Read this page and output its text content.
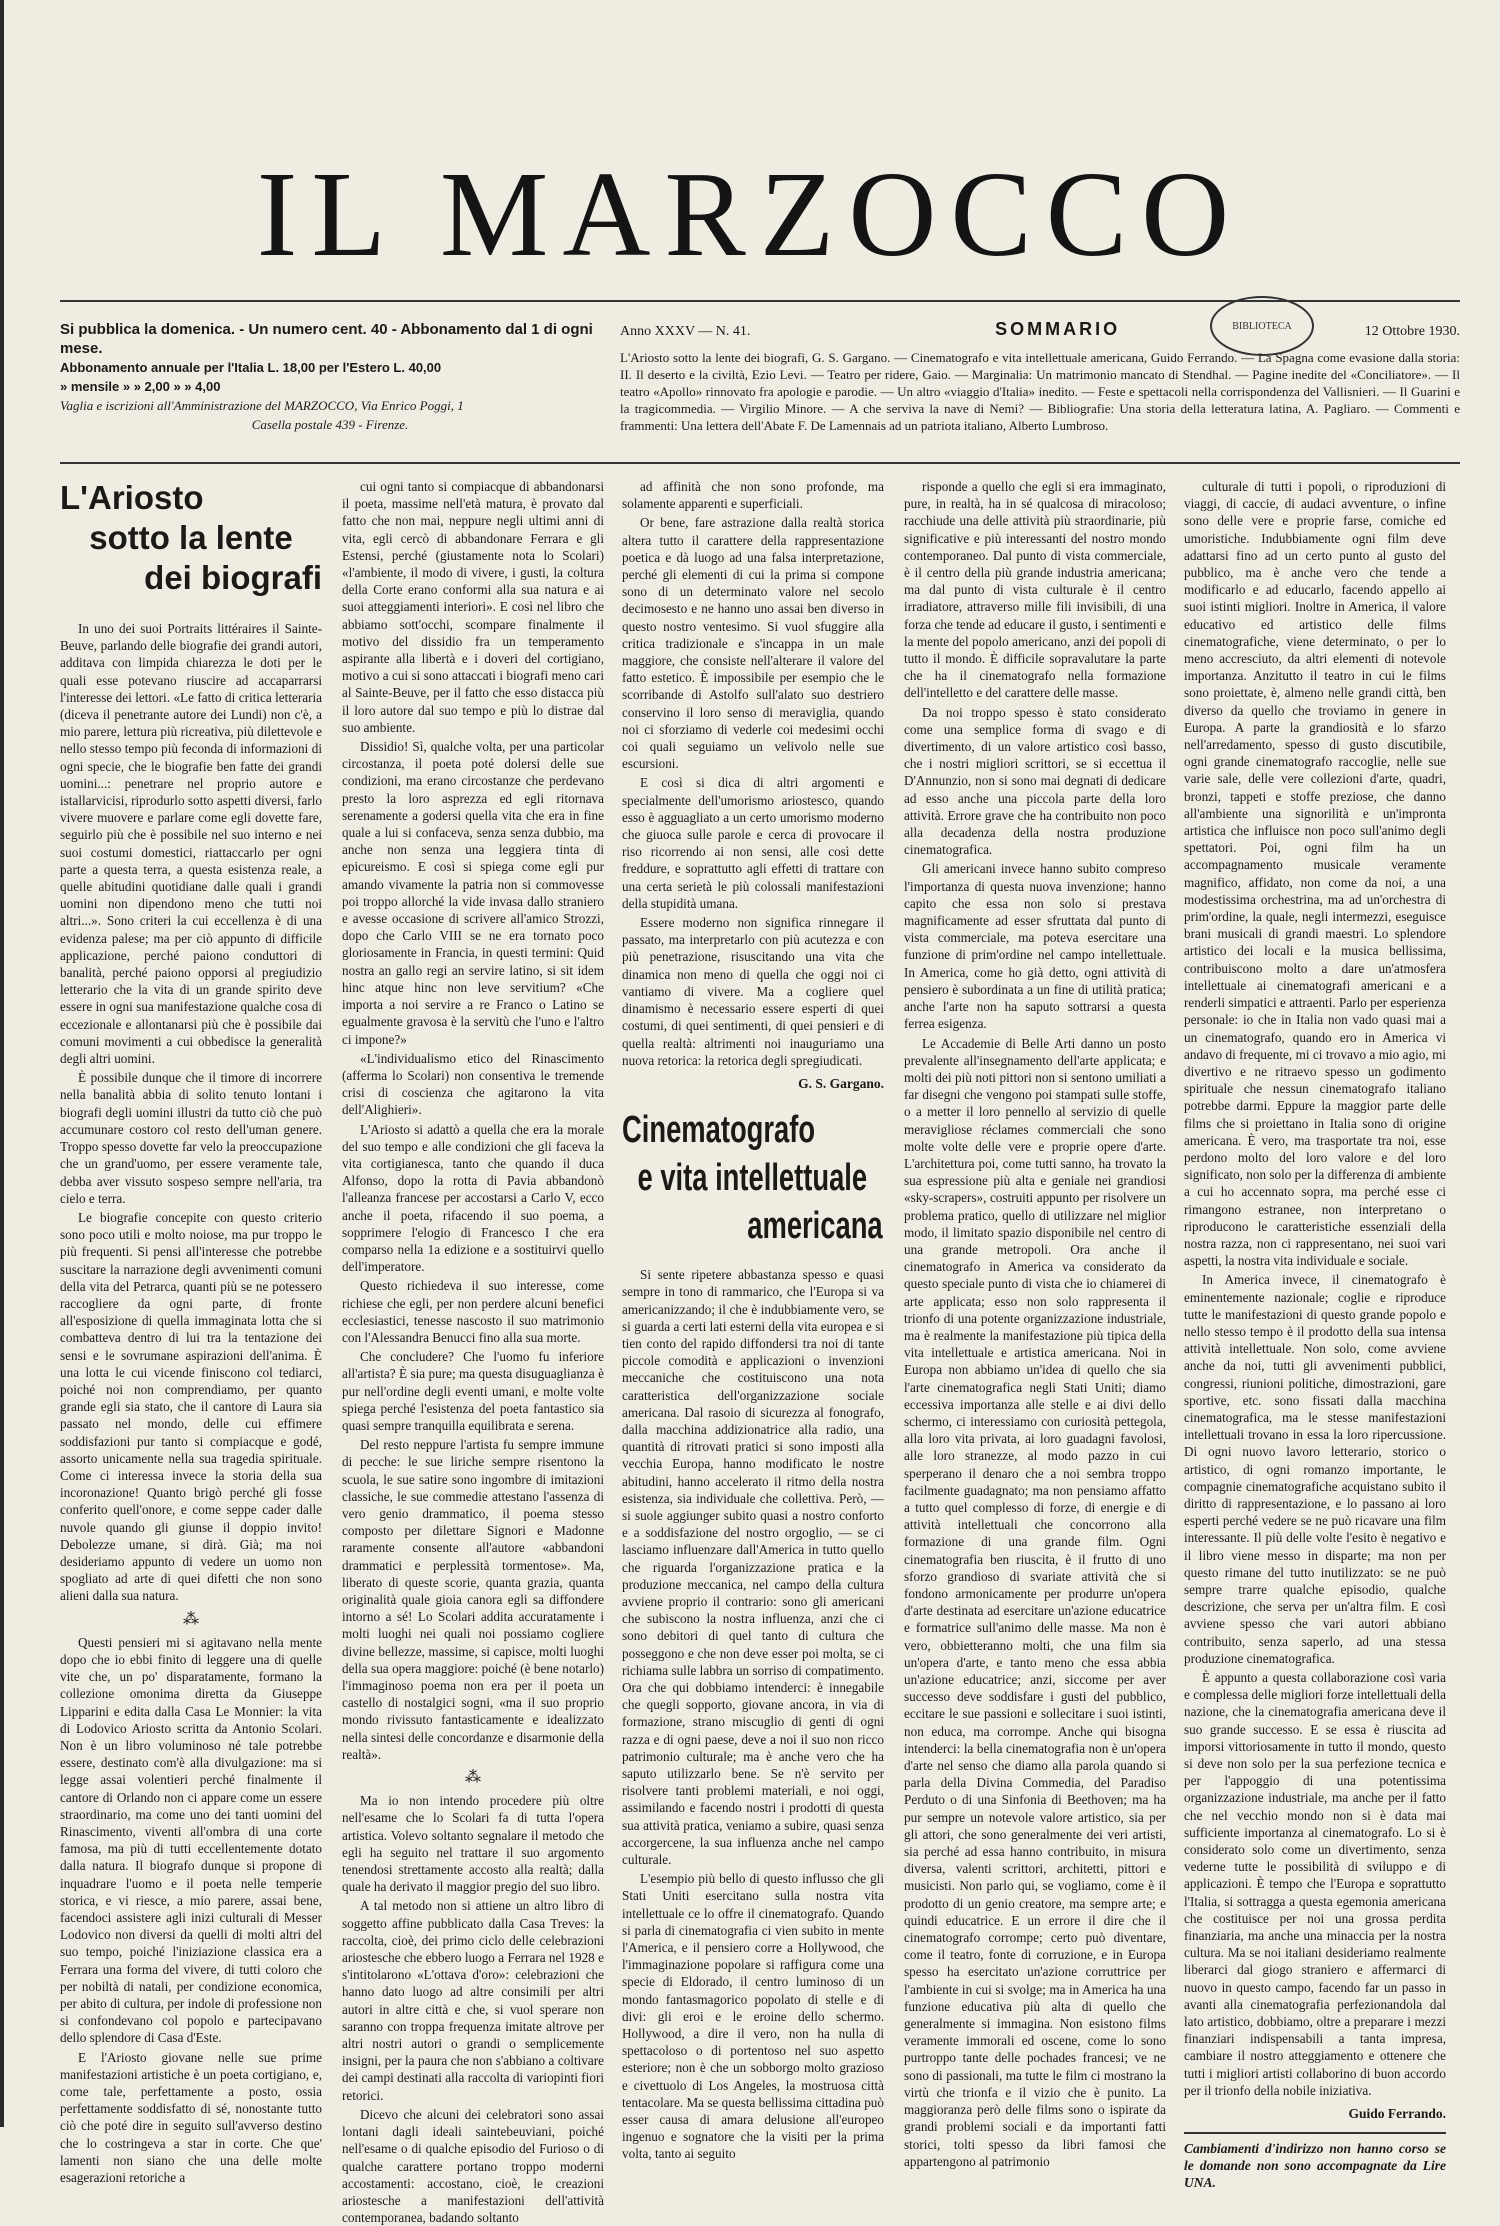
IL MARZOCCO
Si pubblica la domenica. - Un numero cent. 40 - Abbonamento dal 1 di ogni mese.
Abbonamento annuale per l'Italia L. 18,00 per l'Estero L. 40,00
» mensile » » 2,00 » » 4,00
Vaglia e iscrizioni all'Amministrazione del MARZOCCO, Via Enrico Poggi, 1
Casella postale 439 - Firenze.
Anno XXXV — N. 41.	SOMMARIO	12 Ottobre 1930.
L'Ariosto sotto la lente dei biografi, G. S. Gargano. — Cinematografo e vita intellettuale americana, Guido Ferrando. — La Spagna come evasione dalla storia: II. Il deserto e la civiltà, Ezio Levi. — Teatro per ridere, Gaio. — Marginalia: Un matrimonio mancato di Stendhal. — Pagine inedite del «Conciliatore». — Il teatro «Apollo» rinnovato fra apologie e parodie. — Un altro «viaggio d'Italia» inedito. — Feste e spettacoli nella corrispondenza del Vallisnieri. — Il Guarini e la tragicommedia. — Virgilio Minore. — A che serviva la nave di Nemi? — Bibliografie: Una storia della letteratura latina, A. Pagliaro. — Commenti e frammenti: Una lettera dell'Abate F. De Lamennais ad un patriota italiano, Alberto Lumbroso.
BIBLIOTECA
L'Ariosto
sotto la lente
dei biografi

In uno dei suoi Portraits littéraires il Sainte-Beuve, parlando delle biografie dei grandi autori, additava con limpida chiarezza le doti per le quali esse potevano riuscire ad accaparrarsi l'interesse dei lettori. «Le fatto di critica letteraria (diceva il penetrante autore dei Lundi) non c'è, a mio parere, lettura più ricreativa, più dilettevole e nello stesso tempo più feconda di informazioni di ogni specie, che le biografie ben fatte dei grandi uomini...: penetrare nel proprio autore e istallarvicisi, riprodurlo sotto aspetti diversi, farlo vivere muovere e parlare come egli dovette fare, seguirlo più che è possibile nel suo interno e nei suoi costumi domestici, riattaccarlo per ogni parte a questa terra, a questa esistenza reale, a quelle abitudini quotidiane dalle quali i grandi uomini non dipendono meno che tutti noi altri...». Sono criteri la cui eccellenza è di una evidenza palese; ma per ciò appunto di difficile applicazione, perché paiono conduttori di banalità, perché paiono opporsi al pregiudizio letterario che la vita di un grande spirito deve essere in ogni sua manifestazione qualche cosa di eccezionale e allontanarsi più che è possibile dai comuni movimenti a cui obbedisce la generalità degli altri uomini.

È possibile dunque che il timore di incorrere nella banalità abbia di solito tenuto lontani i biografi degli uomini illustri da tutto ciò che può accumunare costoro col resto dell'uman genere. Troppo spesso dovette far velo la preoccupazione che un grand'uomo, per essere veramente tale, debba aver vissuto sospeso sempre nell'aria, tra cielo e terra.

Le biografie concepite con questo criterio sono poco utili e molto noiose, ma pur troppo le più frequenti. Si pensi all'interesse che potrebbe suscitare la narrazione degli avvenimenti comuni della vita del Petrarca, quanti più se ne potessero raccogliere da ogni parte, di fronte all'esposizione di quella immaginata lotta che si combatteva dentro di lui tra la tentazione dei sensi e le sovrumane aspirazioni dell'anima. È una lotta le cui vicende finiscono col tediarci, poiché noi non comprendiamo, per quanto grande egli sia stato, che il cantore di Laura sia passato nel mondo, delle cui effimere soddisfazioni pur tanto si compiacque e godé, assorto unicamente nella sua tragedia spirituale. Come ci interessa invece la storia della sua incoronazione! Quanto brigò perché gli fosse conferito quell'onore, e come seppe cader dalle nuvole quando gli giunse il doppio invito! Debolezze umane, si dirà. Già; ma noi desideriamo appunto di vedere un uomo non spogliato ad arte di quei difetti che non sono alieni dalla sua natura.

⁂

Questi pensieri mi si agitavano nella mente dopo che io ebbi finito di leggere una di quelle vite che, un po' disparatamente, formano la collezione omonima diretta da Giuseppe Lipparini e edita dalla Casa Le Monnier: la vita di Lodovico Ariosto scritta da Antonio Scolari. Non è un libro voluminoso né tale potrebbe essere, destinato com'è alla divulgazione: ma si legge assai volentieri perché finalmente il cantore di Orlando non ci appare come un essere straordinario, ma come uno dei tanti uomini del Rinascimento, viventi all'ombra di una corte famosa, ma più di tutti eccellentemente dotato dalla natura. Il biografo dunque si propone di inquadrare l'uomo e il poeta nelle temperie storica, e vi riesce, a mio parere, assai bene, facendoci assistere agli inizi culturali di Messer Lodovico non diversi da quelli di molti altri del suo tempo, poiché l'iniziazione classica era a Ferrara una forma del vivere, di tutti coloro che per nobiltà di natali, per condizione economica, per abito di cultura, per indole di professione non si confondevano col popolo e partecipavano dello splendore di Casa d'Este.

E l'Ariosto giovane nelle sue prime manifestazioni artistiche è un poeta cortigiano, e, come tale, perfettamente a posto, ossia perfettamente soddisfatto di sé, nonostante tutto ciò che poté dire in seguito sull'avverso destino che lo costringeva a star in corte. Che que' lamenti non siano che una delle molte esagerazioni retoriche a

cui ogni tanto si compiacque di abbandonarsi il poeta, massime nell'età matura, è provato dal fatto che non mai, neppure negli ultimi anni di vita, egli cercò di abbandonare Ferrara e gli Estensi, perché (giustamente nota lo Scolari) «l'ambiente, il modo di vivere, i gusti, la coltura della Corte erano conformi alla sua natura e ai suoi atteggiamenti interiori». E così nel libro che abbiamo sott'occhi, scompare finalmente il motivo del dissidio fra un temperamento aspirante alla libertà e i doveri del cortigiano, motivo a cui si sono attaccati i biografi meno cari al Sainte-Beuve, per il fatto che esso distacca più il loro autore dal suo tempo e più lo distrae dal suo ambiente.

Dissidio! Sì, qualche volta, per una particolar circostanza, il poeta poté dolersi delle sue condizioni, ma erano circostanze che perdevano presto la loro asprezza ed egli ritornava serenamente a godersi quella vita che era in fine quale a lui si confaceva, senza senza dubbio, ma anche non senza una leggiera tinta di epicureismo. E così si spiega come egli pur amando vivamente la patria non si commovesse poi troppo allorché la vide invasa dallo straniero e avesse occasione di scrivere all'amico Strozzi, dopo che Carlo VIII se ne era tornato poco gloriosamente in Francia, in questi termini: Quid nostra an gallo regi an servire latino, si sit idem hinc atque hinc non leve servitium? «Che importa a noi servire a re Franco o Latino se egualmente gravosa è la servitù che l'uno e l'altro ci impone?»

«L'individualismo etico del Rinascimento (afferma lo Scolari) non consentiva le tremende crisi di coscienza che agitarono la vita dell'Alighieri».

L'Ariosto si adattò a quella che era la morale del suo tempo e alle condizioni che gli faceva la vita cortigianesca, tanto che quando il duca Alfonso, dopo la rotta di Pavia abbandonò l'alleanza francese per accostarsi a Carlo V, ecco anche il poeta, rifacendo il suo poema, a sopprimere l'elogio di Francesco I che era comparso nella 1a edizione e a sostituirvi quello dell'imperatore.

Questo richiedeva il suo interesse, come richiese che egli, per non perdere alcuni benefici ecclesiastici, tenesse nascosto il suo matrimonio con l'Alessandra Benucci fino alla sua morte.

Che concludere? Che l'uomo fu inferiore all'artista? È sia pure; ma questa disuguaglianza è pur nell'ordine degli eventi umani, e molte volte spiega perché l'esistenza del poeta fantastico sia quasi sempre tranquilla equilibrata e serena.

Del resto neppure l'artista fu sempre immune di pecche: le sue liriche sempre risentono la scuola, le sue satire sono ingombre di imitazioni classiche, le sue commedie attestano l'assenza di vero genio drammatico, il poema stesso composto per dilettare Signori e Madonne raramente consente all'autore «abbandoni drammatici e perplessità tormentose». Ma, liberato di queste scorie, quanta grazia, quanta originalità quale gioia canora egli sa diffondere intorno a sé! Lo Scolari addita accuratamente i molti luoghi nei quali noi possiamo cogliere divine bellezze, massime, si capisce, molti luoghi della sua opera maggiore: poiché (è bene notarlo) l'immaginoso poema non era per il poeta un castello di nostalgici sogni, «ma il suo proprio mondo rivissuto fantasticamente e idealizzato nella sintesi delle concordanze e disarmonie della realtà».

⁂

Ma io non intendo procedere più oltre nell'esame che lo Scolari fa di tutta l'opera artistica. Volevo soltanto segnalare il metodo che egli ha seguito nel trattare il suo argomento tenendosi strettamente accosto alla realtà; dalla quale ha derivato il maggior pregio del suo libro.

A tal metodo non si attiene un altro libro di soggetto affine pubblicato dalla Casa Treves: la raccolta, cioè, dei primo ciclo delle celebrazioni ariostesche che ebbero luogo a Ferrara nel 1928 e s'intitolarono «L'ottava d'oro»: celebrazioni che hanno dato luogo ad altre consimili per altri autori in altre città e che, si vuol sperare non saranno con troppa frequenza imitate altrove per altri nostri autori o grandi o semplicemente insigni, per la paura che non s'abbiano a coltivare dei campi destinati alla raccolta di variopinti fiori retorici.

Dicevo che alcuni dei celebratori sono assai lontani dagli ideali saintebeuviani, poiché nell'esame o di qualche episodio del Furioso o di qualche carattere portano troppo moderni accostamenti: accostano, cioè, le creazioni ariostesche a manifestazioni dell'attività contemporanea, badando soltanto

ad affinità che non sono profonde, ma solamente apparenti e superficiali.

Or bene, fare astrazione dalla realtà storica altera tutto il carattere della rappresentazione poetica e dà luogo ad una falsa interpretazione, perché gli elementi di cui la prima si compone sono di un determinato valore nel secolo decimosesto e ne hanno uno assai ben diverso in questo nostro ventesimo. Si vuol sfuggire alla critica tradizionale e s'incappa in un male maggiore, che consiste nell'alterare il valore del fatto estetico. È impossibile per esempio che le scorribande di Astolfo sull'alato suo destriero conservino il loro senso di meraviglia, quando noi ci sforziamo di vederle coi medesimi occhi coi quali seguiamo un velivolo nelle sue escursioni.

E così si dica di altri argomenti e specialmente dell'umorismo ariostesco, quando esso è agguagliato a un certo umorismo moderno che giuoca sulle parole e cerca di provocare il riso ricorrendo ai non sensi, alle così dette freddure, e soprattutto agli effetti di trattare con una certa serietà le più colossali manifestazioni della stupidità umana.

Essere moderno non significa rinnegare il passato, ma interpretarlo con più acutezza e con più penetrazione, risuscitando una vita che dinamica non meno di quella che oggi noi ci vantiamo di vivere. Ma a cogliere quel dinamismo è necessario essere esperti di quei costumi, di quei sentimenti, di quei pensieri e di quella realtà: altrimenti noi inauguriamo una nuova retorica: la retorica degli spregiudicati.

G. S. Gargano.
Cinematografo
e vita intellettuale
americana

Si sente ripetere abbastanza spesso e quasi sempre in tono di rammarico, che l'Europa si va americanizzando; il che è indubbiamente vero, se si guarda a certi lati esterni della vita europea e si tien conto del rapido diffondersi tra noi di tante piccole comodità e applicazioni o invenzioni meccaniche che costituiscono una nota caratteristica dell'organizzazione sociale americana. Dal rasoio di sicurezza al fonografo, dalla macchina addizionatrice alla radio, una quantità di ritrovati pratici si sono imposti alla vecchia Europa, hanno modificato le nostre abitudini, hanno accelerato il ritmo della nostra esistenza, sia individuale che collettiva. Però, — si suole aggiunger subito quasi a nostro conforto e a soddisfazione del nostro orgoglio, — se ci lasciamo influenzare dall'America in tutto quello che riguarda l'organizzazione pratica e la produzione meccanica, nel campo della cultura avviene proprio il contrario: sono gli americani che subiscono la nostra influenza, anzi che ci sono debitori di quel tanto di cultura che posseggono e che non deve esser poi molta, se ci richiama sulle labbra un sorriso di compatimento. Ora che qui dobbiamo intenderci: è innegabile che quegli sopporto, giovane ancora, in via di formazione, strano miscuglio di genti di ogni razza e di ogni paese, deve a noi il suo non ricco patrimonio culturale; ma è anche vero che ha saputo utilizzarlo bene. Se n'è servito per risolvere tanti problemi materiali, e noi oggi, assimilando e facendo nostri i prodotti di questa sua attività pratica, veniamo a subire, quasi senza accorgercene, la sua influenza anche nel campo culturale.

L'esempio più bello di questo influsso che gli Stati Uniti esercitano sulla nostra vita intellettuale ce lo offre il cinematografo. Quando si parla di cinematografia ci vien subito in mente l'America, e il pensiero corre a Hollywood, che l'immaginazione popolare si raffigura come una specie di Eldorado, il centro luminoso di un mondo fantasmagorico popolato di stelle e di divi: gli eroi e le eroine dello schermo. Hollywood, a dire il vero, non ha nulla di spettacoloso o di portentoso nel suo aspetto esteriore; non è che un sobborgo molto grazioso e civettuolo di Los Angeles, la mostruosa città tentacolare. Ma se questa bellissima cittadina può esser causa di amara delusione all'europeo ingenuo e sognatore che la visiti per la prima volta, tanto ai seguito

risponde a quello che egli si era immaginato, pure, in realtà, ha in sé qualcosa di miracoloso; racchiude una delle attività più straordinarie, più significative e più interessanti del nostro mondo contemporaneo. Dal punto di vista commerciale, è il centro della più grande industria americana; ma dal punto di vista culturale è il centro irradiatore, attraverso mille fili invisibili, di una forza che tende ad educare il gusto, i sentimenti e la mente del popolo americano, anzi dei popoli di tutto il mondo. È difficile sopravalutare la parte che ha il cinematografo nella formazione dell'intelletto e del carattere delle masse.

Da noi troppo spesso è stato considerato come una semplice forma di svago e di divertimento, di un valore artistico così basso, che i nostri migliori scrittori, se si eccettua il D'Annunzio, non si sono mai degnati di dedicare ad esso anche una piccola parte della loro attività. Errore grave che ha contribuito non poco alla decadenza della nostra produzione cinematografica.

Gli americani invece hanno subito compreso l'importanza di questa nuova invenzione; hanno capito che essa non solo si prestava magnificamente ad esser sfruttata dal punto di vista commerciale, ma poteva esercitare una funzione di prim'ordine nel campo intellettuale. In America, come ho già detto, ogni attività di pensiero è subordinata a un fine di utilità pratica; anche l'arte non ha saputo sottrarsi a questa ferrea esigenza.

Le Accademie di Belle Arti danno un posto prevalente all'insegnamento dell'arte applicata; e molti dei più noti pittori non si sentono umiliati a far disegni che vengono poi stampati sulle stoffe, o a metter il loro pennello al servizio di quelle meravigliose réclames commerciali che sono molte volte delle vere e proprie opere d'arte. L'architettura poi, come tutti sanno, ha trovato la sua espressione più alta e geniale nei grandiosi «sky-scrapers», costruiti appunto per risolvere un problema pratico, quello di utilizzare nel miglior modo, il limitato spazio disponibile nel centro di una grande metropoli. Ora anche il cinematografo in America va considerato da questo speciale punto di vista che io chiamerei di arte applicata; esso non solo rappresenta il trionfo di una potente organizzazione industriale, ma è realmente la manifestazione più tipica della vita intellettuale e artistica americana. Noi in Europa non abbiamo un'idea di quello che sia l'arte cinematografica negli Stati Uniti; diamo eccessiva importanza alle stelle e ai divi dello schermo, ci interessiamo con curiosità pettegola, alla loro vita privata, ai loro guadagni favolosi, alle loro stranezze, al modo pazzo in cui sperperano il denaro che a noi sembra troppo facilmente guadagnato; ma non pensiamo affatto a tutto quel complesso di forze, di energie e di attività intellettuali che concorrono alla formazione di una grande film. Ogni cinematografia ben riuscita, è il frutto di uno sforzo grandioso di svariate attività che si fondono armonicamente per produrre un'opera d'arte destinata ad esercitare un'azione educatrice e formatrice sull'animo delle masse. Ma non è vero, obbietteranno molti, che una film sia un'opera d'arte, e tanto meno che essa abbia un'azione educatrice; anzi, siccome per aver successo deve soddisfare i gusti del pubblico, eccitare le sue passioni e sollecitare i suoi istinti, non educa, ma corrompe. Anche qui bisogna intenderci: la bella cinematografia non è un'opera d'arte nel senso che diamo alla parola quando si parla della Divina Commedia, del Paradiso Perduto o di una Sinfonia di Beethoven; ma ha pur sempre un notevole valore artistico, sia per gli attori, che sono generalmente dei veri artisti, sia perché ad essa hanno contribuito, in misura diversa, valenti scrittori, architetti, pittori e musicisti. Non parlo qui, se vogliamo, come è il prodotto di un genio creatore, ma sempre arte; e quindi educatrice. E un errore il dire che il cinematografo corrompe; certo può diventare, come il teatro, fonte di corruzione, e in Europa spesso ha esercitato un'azione corruttrice per l'ambiente in cui si svolge; ma in America ha una funzione educativa più alta di quello che generalmente si immagina. Non esistono films veramente immorali ed oscene, come lo sono purtroppo tante delle pochades francesi; ve ne sono di passionali, ma tutte le film ci mostrano la virtù che trionfa e il vizio che è punito. La maggioranza però delle films sono o ispirate da grandi problemi sociali e da importanti fatti storici, tolti spesso da libri famosi che appartengono al patrimonio

culturale di tutti i popoli, o riproduzioni di viaggi, di caccie, di audaci avventure, o infine sono delle vere e proprie farse, comiche ed umoristiche. Indubbiamente ogni film deve adattarsi fino ad un certo punto al gusto del pubblico, ma è anche vero che tende a modificarlo e ad educarlo, facendo appello ai suoi istinti migliori. Inoltre in America, il valore educativo ed artistico delle films cinematografiche, viene determinato, o per lo meno accresciuto, da altri elementi di notevole importanza. Anzitutto il teatro in cui le films sono proiettate, è, almeno nelle grandi città, ben diverso da quello che troviamo in genere in Europa. A parte la grandiosità e lo sfarzo nell'arredamento, spesso di gusto discutibile, ogni grande cinematografo raccoglie, nelle sue varie sale, delle vere collezioni d'arte, quadri, bronzi, tappeti e stoffe preziose, che danno all'ambiente una signorilità e un'impronta artistica che influisce non poco sull'animo degli spettatori. Poi, ogni film ha un accompagnamento musicale veramente magnifico, affidato, non come da noi, a una modestissima orchestrina, ma ad un'orchestra di prim'ordine, la quale, negli intermezzi, eseguisce brani musicali di grandi maestri. Lo splendore artistico dei locali e la musica bellissima, contribuiscono molto a dare un'atmosfera intellettuale ai cinematografi americani e a renderli simpatici e attraenti. Parlo per esperienza personale: io che in Italia non vado quasi mai a un cinematografo, quando ero in America vi andavo di frequente, mi ci trovavo a mio agio, mi divertivo e ne ritraevo spesso un godimento spirituale che nessun cinematografo italiano potrebbe darmi. Eppure la maggior parte delle films che si proiettano in Italia sono di origine americana. È vero, ma trasportate tra noi, esse perdono molto del loro valore e del loro significato, non solo per la differenza di ambiente a cui ho accennato sopra, ma perché esse ci rimangono estranee, non interpretano o riproducono le caratteristiche essenziali della nostra razza, non ci rappresentano, nei suoi vari aspetti, la nostra vita individuale e sociale.

In America invece, il cinematografo è eminentemente nazionale; coglie e riproduce tutte le manifestazioni di questo grande popolo e nello stesso tempo è il prodotto della sua intensa attività intellettuale. Non solo, come avviene anche da noi, tutti gli avvenimenti pubblici, congressi, riunioni politiche, dimostrazioni, gare sportive, etc. sono fissati dalla macchina cinematografica, ma le stesse manifestazioni intellettuali trovano in essa la loro ripercussione. Di ogni nuovo lavoro letterario, storico o artistico, di ogni romanzo importante, le compagnie cinematografiche acquistano subito il diritto di rappresentazione, e lo passano ai loro esperti perché vedere se ne può ricavare una film interessante. Il più delle volte l'esito è negativo e il libro viene messo in disparte; ma non per questo rimane del tutto inutilizzato: se ne può sempre trarre qualche episodio, qualche descrizione, che serva per un'altra film. E così avviene spesso che vari autori abbiano contribuito, senza saperlo, ad una stessa produzione cinematografica.

È appunto a questa collaborazione così varia e complessa delle migliori forze intellettuali della nazione, che la cinematografia americana deve il suo grande successo. E se essa è riuscita ad imporsi vittoriosamente in tutto il mondo, questo si deve non solo per la sua perfezione tecnica e per l'appoggio di una potentissima organizzazione industriale, ma anche per il fatto che nel vecchio mondo non si è data mai sufficiente importanza al cinematografo. Lo si è considerato solo come un divertimento, senza vederne tutte le possibilità di sviluppo e di applicazioni. È tempo che l'Europa e soprattutto l'Italia, si sottragga a questa egemonia americana che costituisce per noi una grossa perdita finanziaria, ma anche una minaccia per la nostra cultura. Ma se noi italiani desideriamo realmente liberarci dal giogo straniero e affermarci di nuovo in questo campo, facendo far un passo in avanti alla cinematografia perfezionandola dal lato artistico, dobbiamo, oltre a preparare i mezzi finanziari indispensabili a tanta impresa, cambiare il nostro atteggiamento e ottenere che tutti i migliori artisti collaborino di buon accordo per il trionfo della nobile iniziativa.

Guido Ferrando.
Cambiamenti d'indirizzo non hanno corso se le domande non sono accompagnate da Lire UNA.
